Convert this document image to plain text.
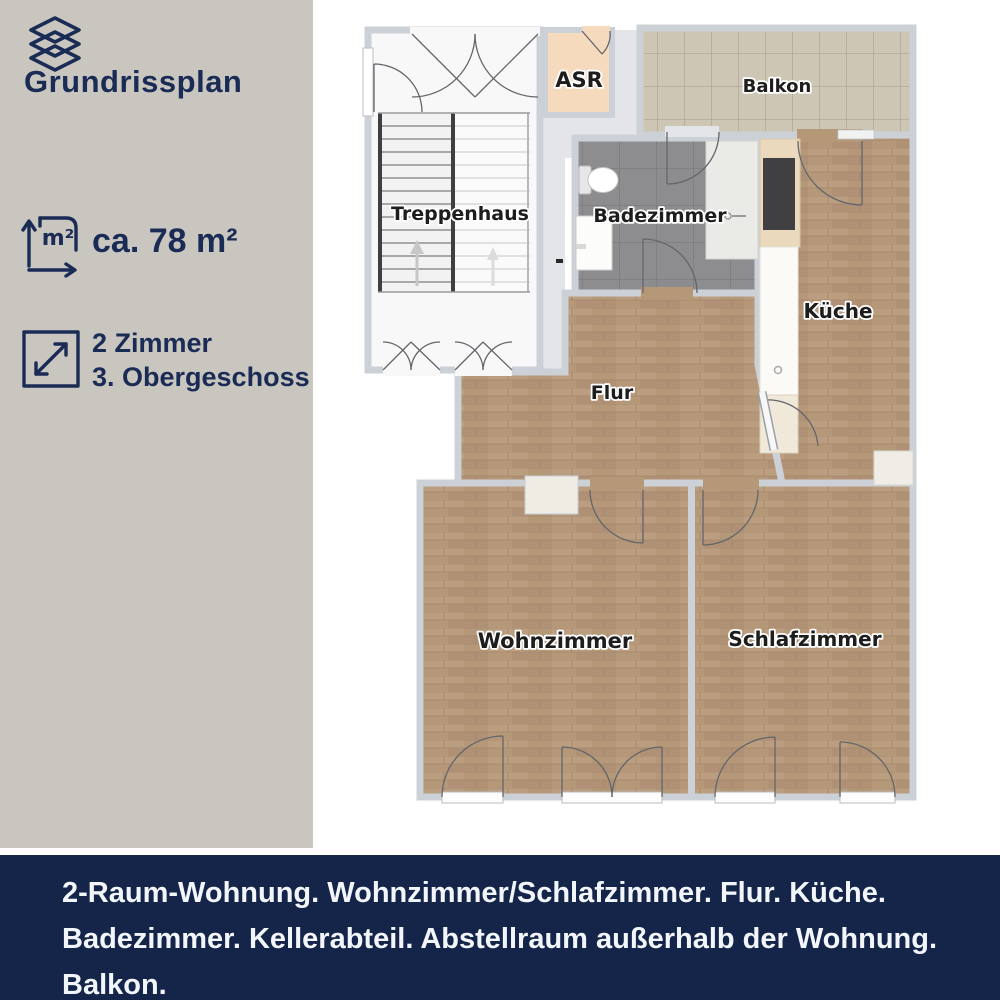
Grundrissplan
m² ca. 78 m²
2 Zimmer
3. Obergeschoss
Treppenhaus
ASR	Balkon
Badezimmer
Küche
Flur
Wohnzimmer	Schlafzimmer
2-Raum-Wohnung. Wohnzimmer/Schlafzimmer. Flur. Küche.
Badezimmer. Kellerabteil. Abstellraum außerhalb der Wohnung.
Balkon.
